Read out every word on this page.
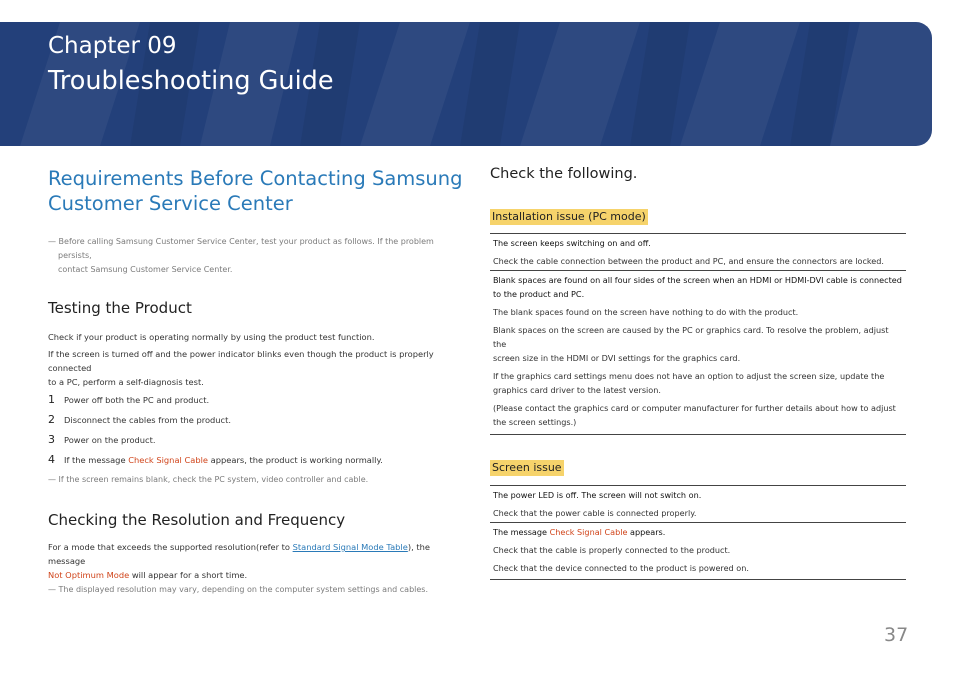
Chapter 09
Troubleshooting Guide
Requirements Before Contacting Samsung
Customer Service Center
— Before calling Samsung Customer Service Center, test your product as follows. If the problem persists,
contact Samsung Customer Service Center.
Testing the Product
Check if your product is operating normally by using the product test function.
If the screen is turned off and the power indicator blinks even though the product is properly connected
to a PC, perform a self-diagnosis test.
1	Power off both the PC and product.
2	Disconnect the cables from the product.
3	Power on the product.
4	If the message Check Signal Cable appears, the product is working normally.
— If the screen remains blank, check the PC system, video controller and cable.
Checking the Resolution and Frequency
For a mode that exceeds the supported resolution(refer to Standard Signal Mode Table), the message
Not Optimum Mode will appear for a short time.
— The displayed resolution may vary, depending on the computer system settings and cables.
Check the following.
Installation issue (PC mode)
The screen keeps switching on and off.
Check the cable connection between the product and PC, and ensure the connectors are locked.
Blank spaces are found on all four sides of the screen when an HDMI or HDMI-DVI cable is connected
to the product and PC.
The blank spaces found on the screen have nothing to do with the product.
Blank spaces on the screen are caused by the PC or graphics card. To resolve the problem, adjust the
screen size in the HDMI or DVI settings for the graphics card.
If the graphics card settings menu does not have an option to adjust the screen size, update the
graphics card driver to the latest version.
(Please contact the graphics card or computer manufacturer for further details about how to adjust
the screen settings.)
Screen issue
The power LED is off. The screen will not switch on.
Check that the power cable is connected properly.
The message Check Signal Cable appears.
Check that the cable is properly connected to the product.
Check that the device connected to the product is powered on.
37
